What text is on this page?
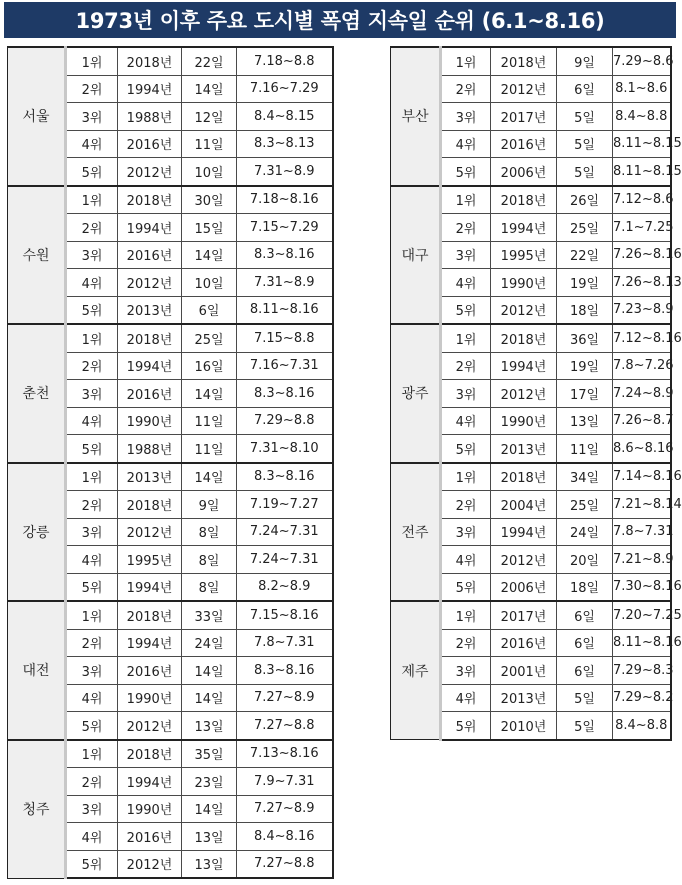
1973년 이후 주요 도시별 폭염 지속일 순위 (6.1~8.16)
서울	1위	2018년	22일	7.18~8.8
	2위	1994년	14일	7.16~7.29
	3위	1988년	12일	8.4~8.15
	4위	2016년	11일	8.3~8.13
	5위	2012년	10일	7.31~8.9
수원	1위	2018년	30일	7.18~8.16
	2위	1994년	15일	7.15~7.29
	3위	2016년	14일	8.3~8.16
	4위	2012년	10일	7.31~8.9
	5위	2013년	6일	8.11~8.16
춘천	1위	2018년	25일	7.15~8.8
	2위	1994년	16일	7.16~7.31
	3위	2016년	14일	8.3~8.16
	4위	1990년	11일	7.29~8.8
	5위	1988년	11일	7.31~8.10
강릉	1위	2013년	14일	8.3~8.16
	2위	2018년	9일	7.19~7.27
	3위	2012년	8일	7.24~7.31
	4위	1995년	8일	7.24~7.31
	5위	1994년	8일	8.2~8.9
대전	1위	2018년	33일	7.15~8.16
	2위	1994년	24일	7.8~7.31
	3위	2016년	14일	8.3~8.16
	4위	1990년	14일	7.27~8.9
	5위	2012년	13일	7.27~8.8
청주	1위	2018년	35일	7.13~8.16
	2위	1994년	23일	7.9~7.31
	3위	1990년	14일	7.27~8.9
	4위	2016년	13일	8.4~8.16
	5위	2012년	13일	7.27~8.8
부산	1위	2018년	9일	7.29~8.6
	2위	2012년	6일	8.1~8.6
	3위	2017년	5일	8.4~8.8
	4위	2016년	5일	8.11~8.15
	5위	2006년	5일	8.11~8.15
대구	1위	2018년	26일	7.12~8.6
	2위	1994년	25일	7.1~7.25
	3위	1995년	22일	7.26~8.16
	4위	1990년	19일	7.26~8.13
	5위	2012년	18일	7.23~8.9
광주	1위	2018년	36일	7.12~8.16
	2위	1994년	19일	7.8~7.26
	3위	2012년	17일	7.24~8.9
	4위	1990년	13일	7.26~8.7
	5위	2013년	11일	8.6~8.16
전주	1위	2018년	34일	7.14~8.16
	2위	2004년	25일	7.21~8.14
	3위	1994년	24일	7.8~7.31
	4위	2012년	20일	7.21~8.9
	5위	2006년	18일	7.30~8.16
제주	1위	2017년	6일	7.20~7.25
	2위	2016년	6일	8.11~8.16
	3위	2001년	6일	7.29~8.3
	4위	2013년	5일	7.29~8.2
	5위	2010년	5일	8.4~8.8
